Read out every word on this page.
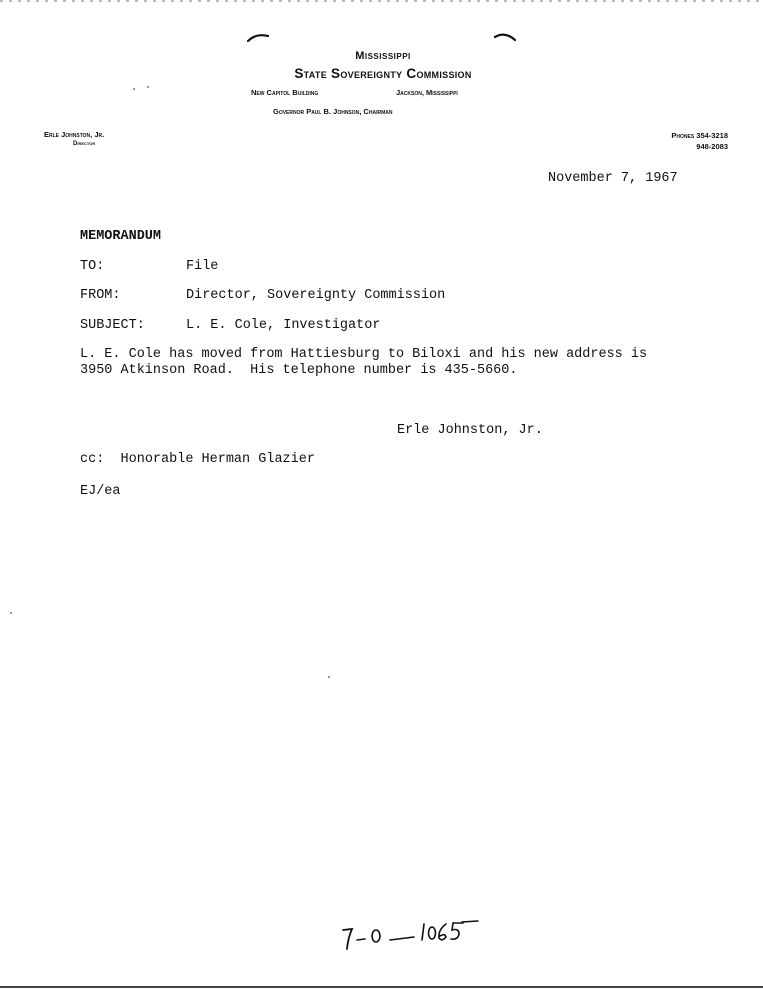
Mississippi
State Sovereignty Commission
New Capitol Building	Jackson, Mississippi
Governor Paul B. Johnson, Chairman
Erle Johnston, Jr.
Director
Phones 354-3218
948-2083
November 7, 1967
MEMORANDUM
TO:	File
FROM:	Director, Sovereignty Commission
SUBJECT:	L. E. Cole, Investigator
L. E. Cole has moved from Hattiesburg to Biloxi and his new address is
3950 Atkinson Road.  His telephone number is 435-5660.
Erle Johnston, Jr.
cc: Honorable Herman Glazier
EJ/ea
